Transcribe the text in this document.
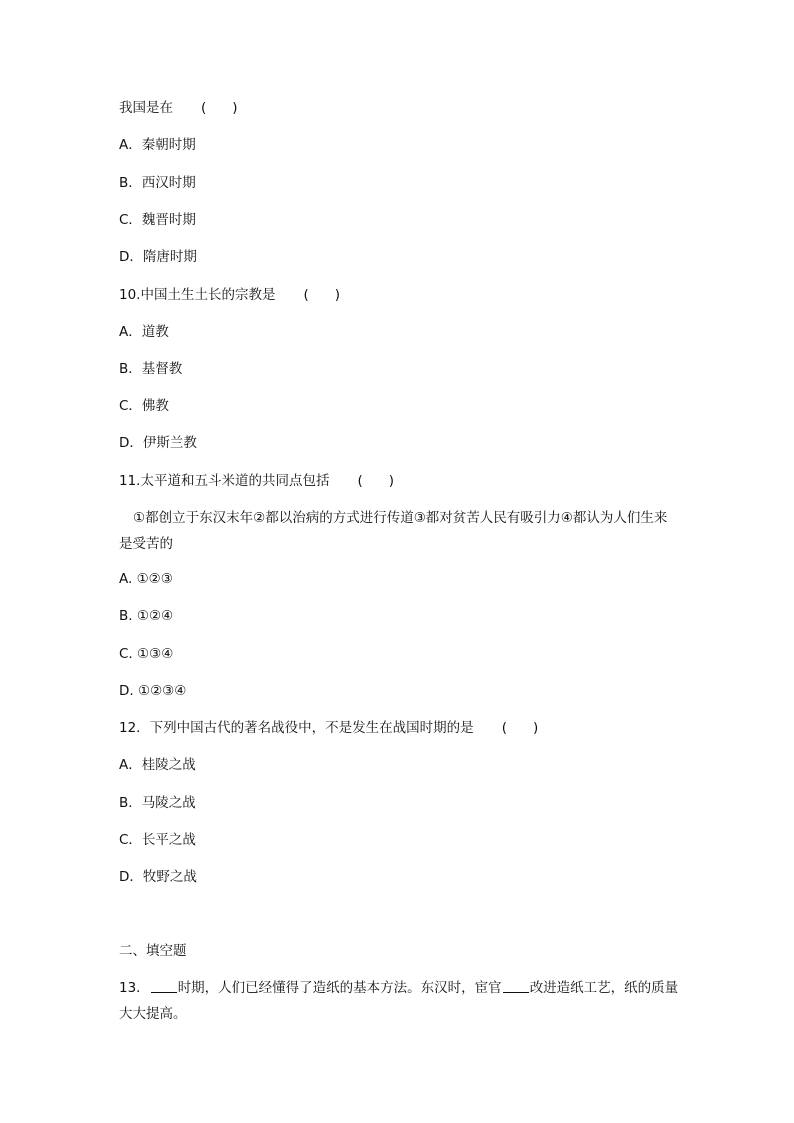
我国是在 ( )
A．秦朝时期
B．西汉时期
C．魏晋时期
D．隋唐时期
10.中国土生土长的宗教是 ( )
A．道教
B．基督教
C．佛教
D．伊斯兰教
11.太平道和五斗米道的共同点包括 ( )
①都创立于东汉末年②都以治病的方式进行传道③都对贫苦人民有吸引力④都认为人们生来是受苦的
A. ①②③
B. ①②④
C. ①③④
D. ①②③④
12．下列中国古代的著名战役中，不是发生在战国时期的是 ( )
A．桂陵之战
B．马陵之战
C．长平之战
D．牧野之战
二、填空题
13． 时期，人们已经懂得了造纸的基本方法。东汉时，宦官 改进造纸工艺，纸的质量大大提高。
